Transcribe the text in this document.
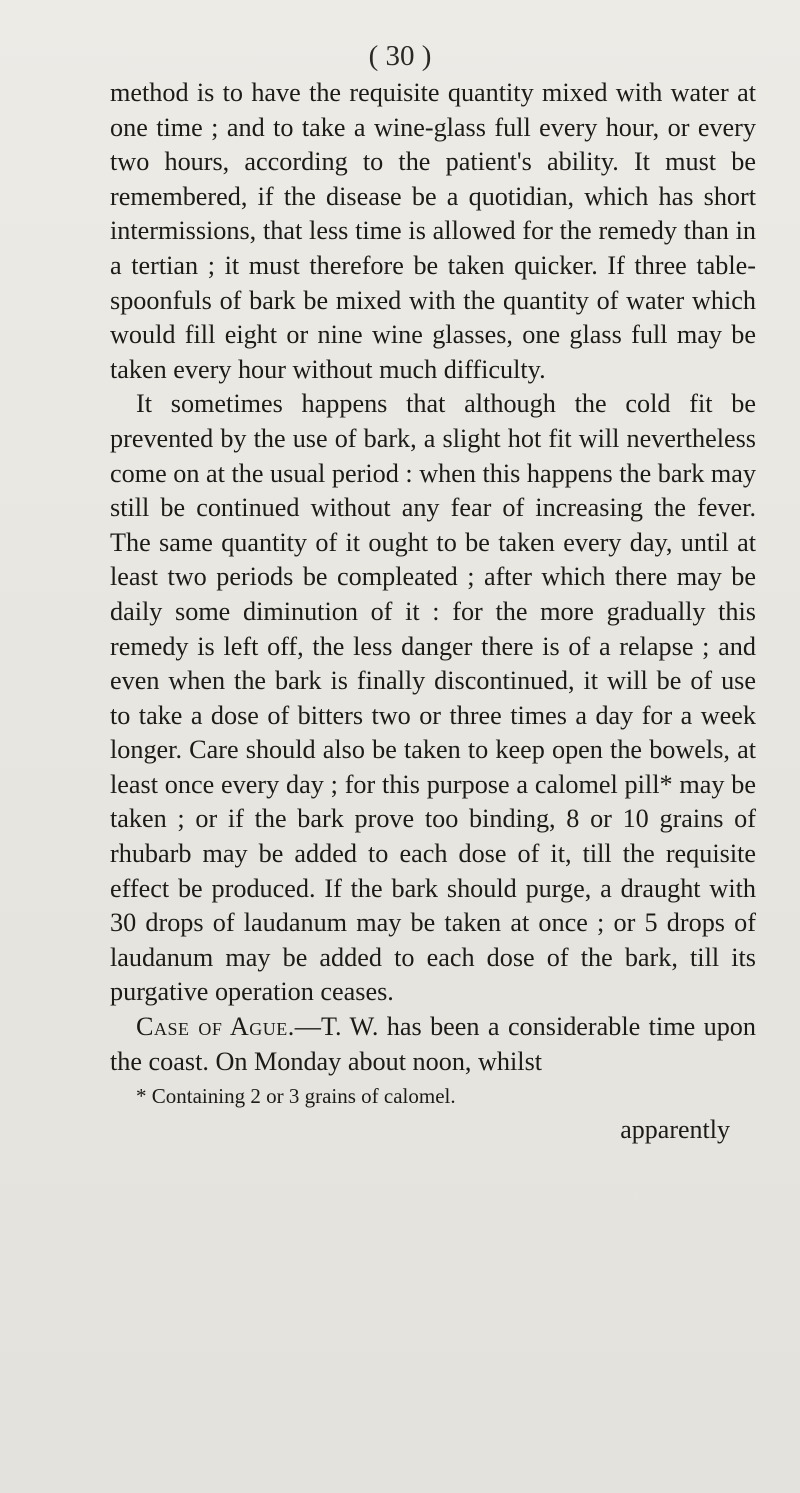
( 30 )

method is to have the requisite quantity mixed with water at one time ; and to take a wine-glass full every hour, or every two hours, according to the patient's ability. It must be remembered, if the disease be a quotidian, which has short intermissions, that less time is allowed for the remedy than in a tertian ; it must therefore be taken quicker. If three table-spoonfuls of bark be mixed with the quantity of water which would fill eight or nine wine glasses, one glass full may be taken every hour without much difficulty.

It sometimes happens that although the cold fit be prevented by the use of bark, a slight hot fit will nevertheless come on at the usual period : when this happens the bark may still be continued without any fear of increasing the fever. The same quantity of it ought to be taken every day, until at least two periods be compleated ; after which there may be daily some diminution of it : for the more gradually this remedy is left off, the less danger there is of a relapse ; and even when the bark is finally discontinued, it will be of use to take a dose of bitters two or three times a day for a week longer. Care should also be taken to keep open the bowels, at least once every day ; for this purpose a calomel pill* may be taken ; or if the bark prove too binding, 8 or 10 grains of rhubarb may be added to each dose of it, till the requisite effect be produced. If the bark should purge, a draught with 30 drops of laudanum may be taken at once ; or 5 drops of laudanum may be added to each dose of the bark, till its purgative operation ceases.

Case of Ague.—T. W. has been a considerable time upon the coast. On Monday about noon, whilst

* Containing 2 or 3 grains of calomel.

apparently
